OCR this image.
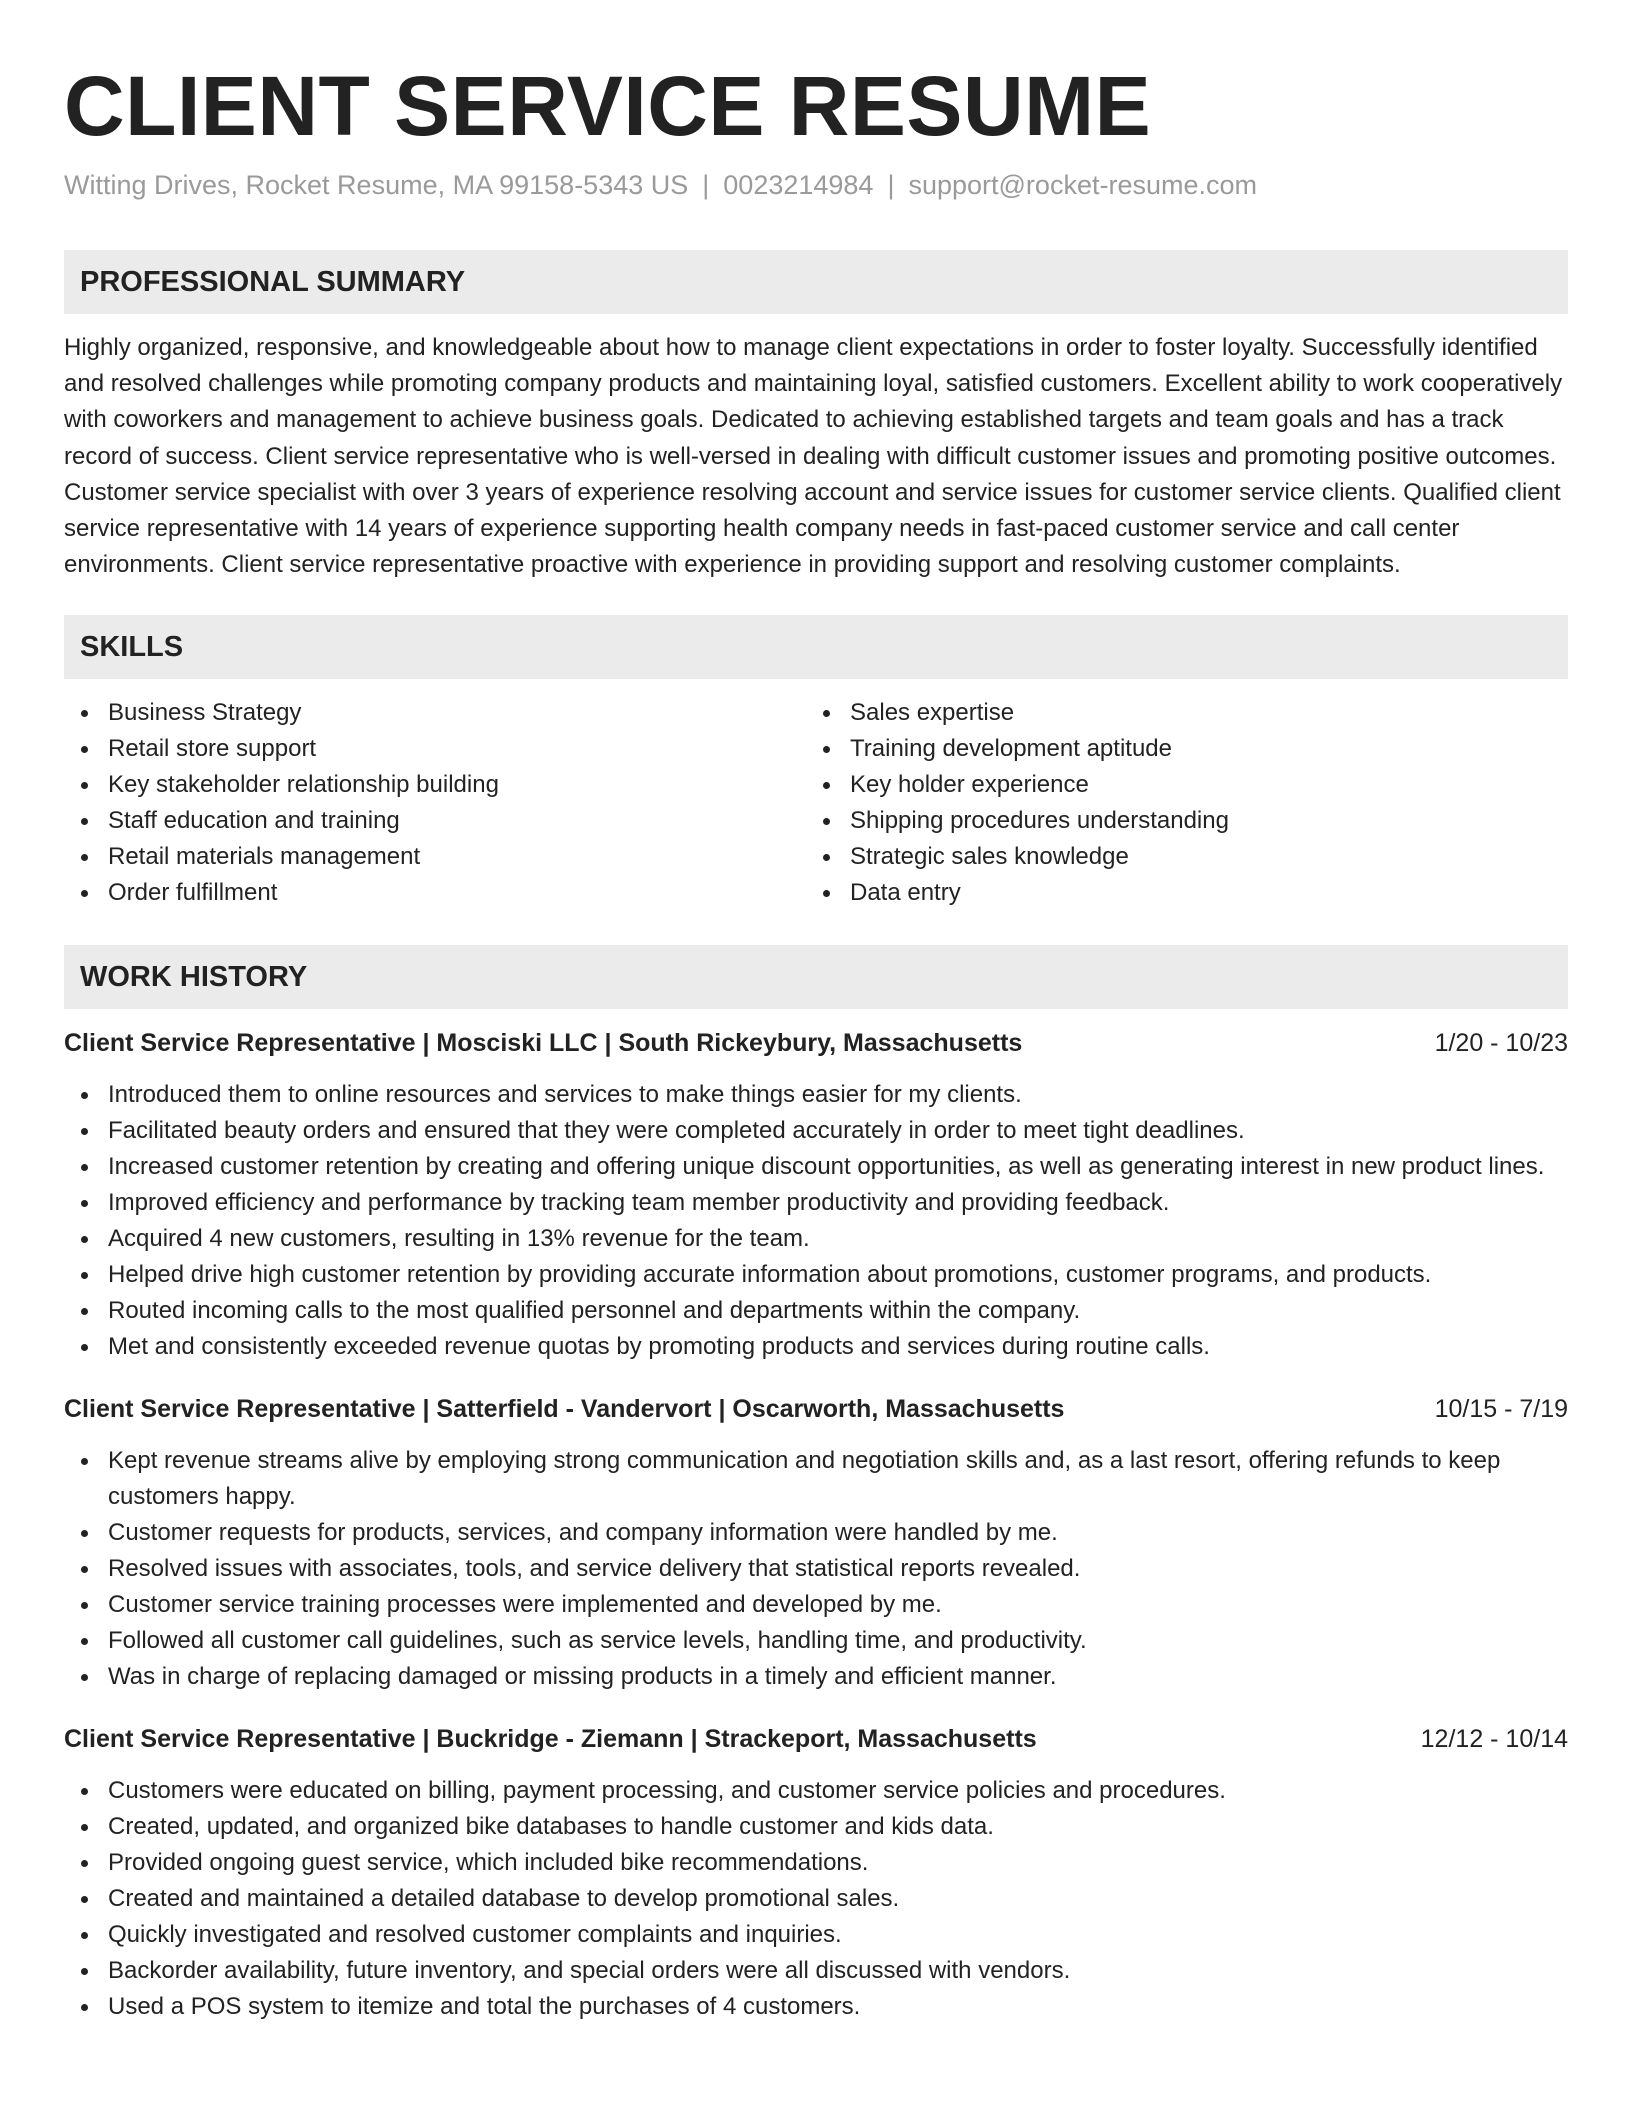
CLIENT SERVICE RESUME
Witting Drives, Rocket Resume, MA 99158-5343 US | 0023214984 | support@rocket-resume.com
PROFESSIONAL SUMMARY

Highly organized, responsive, and knowledgeable about how to manage client expectations in order to foster loyalty. Successfully identified and resolved challenges while promoting company products and maintaining loyal, satisfied customers. Excellent ability to work cooperatively with coworkers and management to achieve business goals. Dedicated to achieving established targets and team goals and has a track record of success. Client service representative who is well-versed in dealing with difficult customer issues and promoting positive outcomes. Customer service specialist with over 3 years of experience resolving account and service issues for customer service clients. Qualified client service representative with 14 years of experience supporting health company needs in fast-paced customer service and call center environments. Client service representative proactive with experience in providing support and resolving customer complaints.

SKILLS
Business Strategy
Retail store support
Key stakeholder relationship building
Staff education and training
Retail materials management
Order fulfillment
Sales expertise
Training development aptitude
Key holder experience
Shipping procedures understanding
Strategic sales knowledge
Data entry
WORK HISTORY
Client Service Representative | Mosciski LLC | South Rickeybury, Massachusetts	1/20 - 10/23
Introduced them to online resources and services to make things easier for my clients.
Facilitated beauty orders and ensured that they were completed accurately in order to meet tight deadlines.
Increased customer retention by creating and offering unique discount opportunities, as well as generating interest in new product lines.
Improved efficiency and performance by tracking team member productivity and providing feedback.
Acquired 4 new customers, resulting in 13% revenue for the team.
Helped drive high customer retention by providing accurate information about promotions, customer programs, and products.
Routed incoming calls to the most qualified personnel and departments within the company.
Met and consistently exceeded revenue quotas by promoting products and services during routine calls.
Client Service Representative | Satterfield - Vandervort | Oscarworth, Massachusetts	10/15 - 7/19
Kept revenue streams alive by employing strong communication and negotiation skills and, as a last resort, offering refunds to keep customers happy.
Customer requests for products, services, and company information were handled by me.
Resolved issues with associates, tools, and service delivery that statistical reports revealed.
Customer service training processes were implemented and developed by me.
Followed all customer call guidelines, such as service levels, handling time, and productivity.
Was in charge of replacing damaged or missing products in a timely and efficient manner.
Client Service Representative | Buckridge - Ziemann | Strackeport, Massachusetts	12/12 - 10/14
Customers were educated on billing, payment processing, and customer service policies and procedures.
Created, updated, and organized bike databases to handle customer and kids data.
Provided ongoing guest service, which included bike recommendations.
Created and maintained a detailed database to develop promotional sales.
Quickly investigated and resolved customer complaints and inquiries.
Backorder availability, future inventory, and special orders were all discussed with vendors.
Used a POS system to itemize and total the purchases of 4 customers.
